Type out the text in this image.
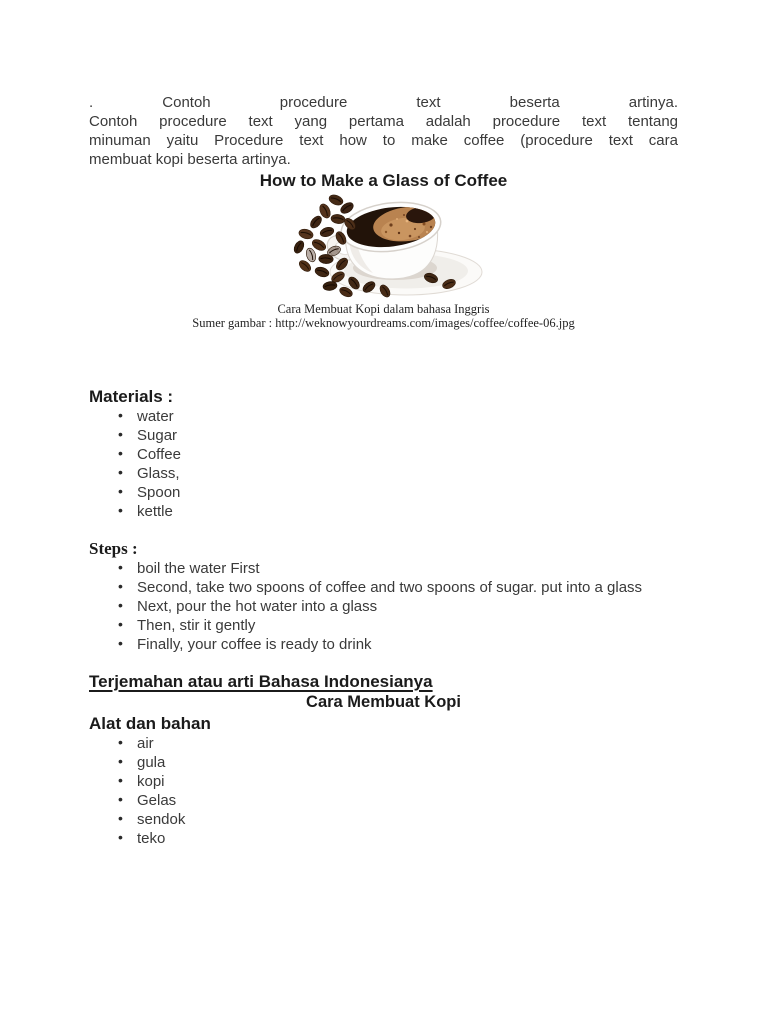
. Contoh procedure text beserta artinya.
Contoh procedure text yang pertama adalah procedure text tentang
minuman yaitu Procedure text how to make coffee (procedure text cara
membuat kopi beserta artinya.
How to Make a Glass of Coffee
Cara Membuat Kopi dalam bahasa Inggris
Sumer gambar : http://weknowyourdreams.com/images/coffee/coffee-06.jpg
Materials :
• water
• Sugar
• Coffee
• Glass,
• Spoon
• kettle
Steps :
• boil the water First
• Second, take two spoons of coffee and two spoons of sugar. put into a glass
• Next, pour the hot water into a glass
• Then, stir it gently
• Finally, your coffee is ready to drink
Terjemahan atau arti Bahasa Indonesianya
Cara Membuat Kopi
Alat dan bahan
• air
• gula
• kopi
• Gelas
• sendok
• teko
